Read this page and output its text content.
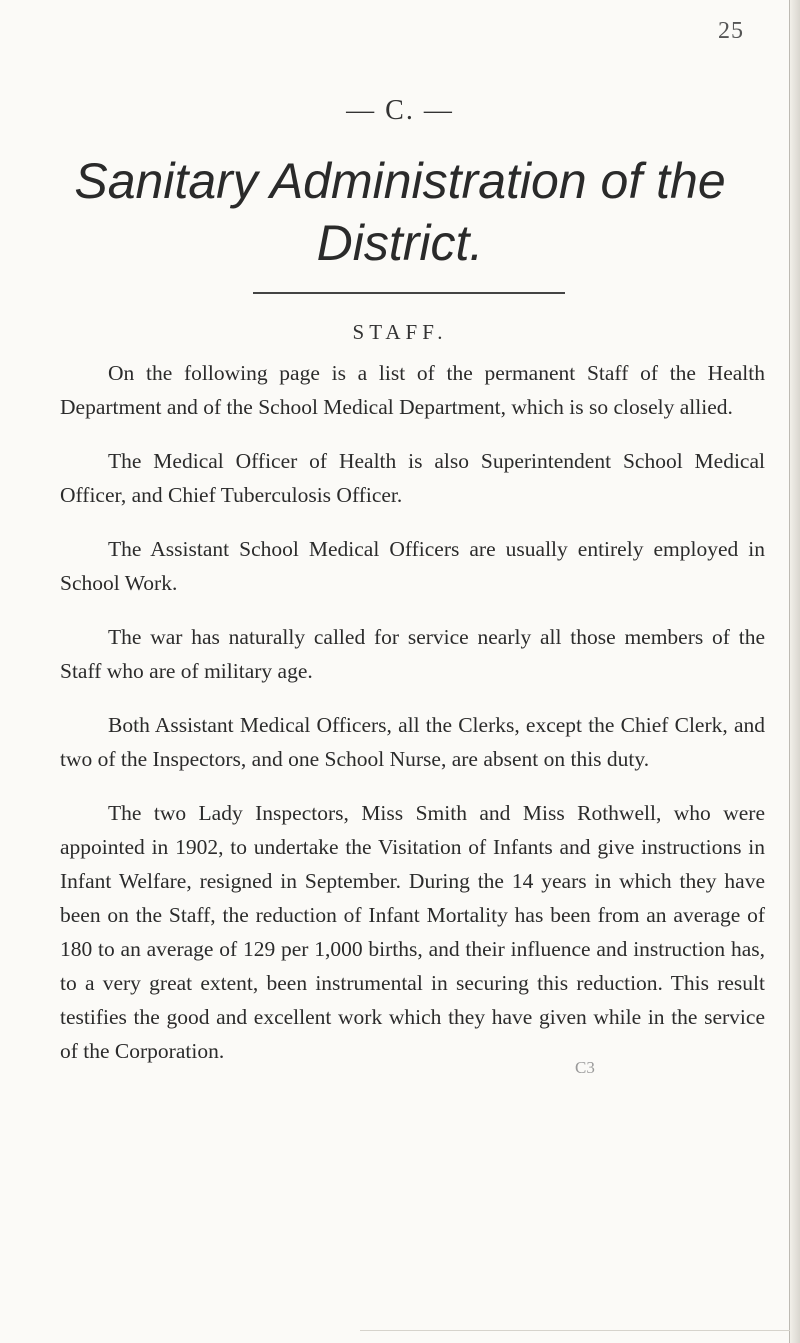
25
— C. —
Sanitary Administration of the
District.
STAFF.

On the following page is a list of the permanent Staff of the Health Department and of the School Medical Department, which is so closely allied.

The Medical Officer of Health is also Superintendent School Medical Officer, and Chief Tuberculosis Officer.

The Assistant School Medical Officers are usually entirely employed in School Work.

The war has naturally called for service nearly all those members of the Staff who are of military age.

Both Assistant Medical Officers, all the Clerks, except the Chief Clerk, and two of the Inspectors, and one School Nurse, are absent on this duty.

The two Lady Inspectors, Miss Smith and Miss Rothwell, who were appointed in 1902, to undertake the Visitation of Infants and give instructions in Infant Welfare, resigned in September. During the 14 years in which they have been on the Staff, the reduction of Infant Mortality has been from an average of 180 to an average of 129 per 1,000 births, and their influence and instruction has, to a very great extent, been instrumental in securing this reduction. This result testifies the good and excellent work which they have given while in the service of the Corporation.

C3
